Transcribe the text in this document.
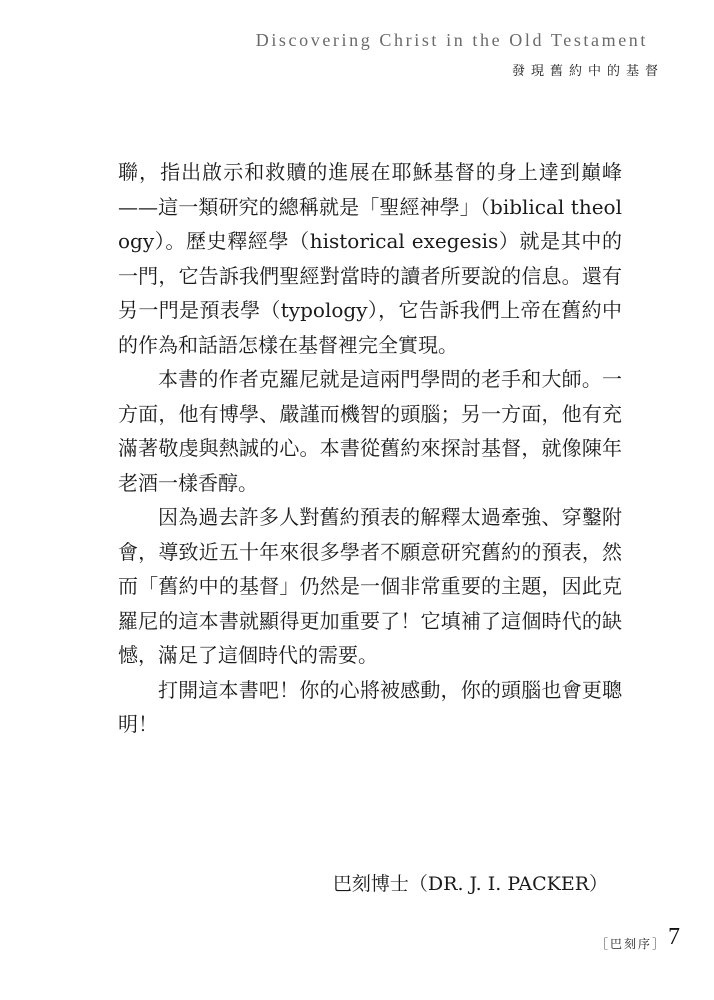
Discovering Christ in the Old Testament
發現舊約中的基督

聯，指出啟示和救贖的進展在耶穌基督的身上達到巔峰——這一類研究的總稱就是「聖經神學」（biblical theology）。歷史釋經學（historical exegesis）就是其中的一門，它告訴我們聖經對當時的讀者所要說的信息。還有另一門是預表學（typology），它告訴我們上帝在舊約中的作為和話語怎樣在基督裡完全實現。

本書的作者克羅尼就是這兩門學問的老手和大師。一方面，他有博學、嚴謹而機智的頭腦；另一方面，他有充滿著敬虔與熱誠的心。本書從舊約來探討基督，就像陳年老酒一樣香醇。

因為過去許多人對舊約預表的解釋太過牽強、穿鑿附會，導致近五十年來很多學者不願意研究舊約的預表，然而「舊約中的基督」仍然是一個非常重要的主題，因此克羅尼的這本書就顯得更加重要了！它填補了這個時代的缺憾，滿足了這個時代的需要。

打開這本書吧！你的心將被感動，你的頭腦也會更聰明！

巴刻博士（DR. J. I. PACKER）
［巴刻序］ 7
